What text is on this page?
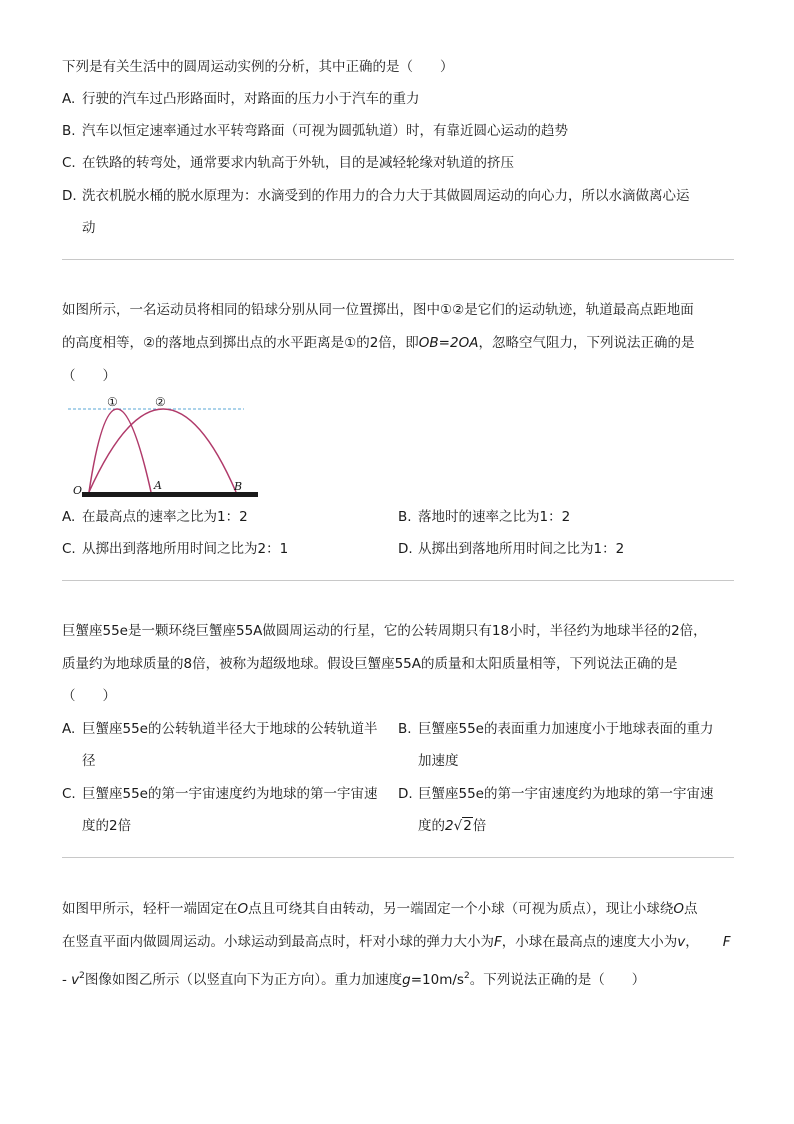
下列是有关生活中的圆周运动实例的分析，其中正确的是（　　）
A. 行驶的汽车过凸形路面时，对路面的压力小于汽车的重力
B. 汽车以恒定速率通过水平转弯路面（可视为圆弧轨道）时，有靠近圆心运动的趋势
C. 在铁路的转弯处，通常要求内轨高于外轨，目的是减轻轮缘对轨道的挤压
D. 洗衣机脱水桶的脱水原理为：水滴受到的作用力的合力大于其做圆周运动的向心力，所以水滴做离心运
动
如图所示，一名运动员将相同的铅球分别从同一位置掷出，图中①②是它们的运动轨迹，轨道最高点距地面
的高度相等，②的落地点到掷出点的水平距离是①的2倍，即OB=2OA，忽略空气阻力，下列说法正确的是
（　　）
①	②
O	A	B
A. 在最高点的速率之比为1：2	B. 落地时的速率之比为1：2
C. 从掷出到落地所用时间之比为2：1	D. 从掷出到落地所用时间之比为1：2
巨蟹座55e是一颗环绕巨蟹座55A做圆周运动的行星，它的公转周期只有18小时，半径约为地球半径的2倍，
质量约为地球质量的8倍，被称为超级地球。假设巨蟹座55A的质量和太阳质量相等，下列说法正确的是
（　　）
A. 巨蟹座55e的公转轨道半径大于地球的公转轨道半
径
B. 巨蟹座55e的表面重力加速度小于地球表面的重力
加速度
C. 巨蟹座55e的第一宇宙速度约为地球的第一宇宙速
度的2倍
D. 巨蟹座55e的第一宇宙速度约为地球的第一宇宙速
度的2√2倍
如图甲所示，轻杆一端固定在O点且可绕其自由转动，另一端固定一个小球（可视为质点），现让小球绕O点
在竖直平面内做圆周运动。小球运动到最高点时，杆对小球的弹力大小为F，小球在最高点的速度大小为v， F
- $v^2$图像如图乙所示（以竖直向下为正方向）。重力加速度$g=10m/s^2$。下列说法正确的是（　　）
